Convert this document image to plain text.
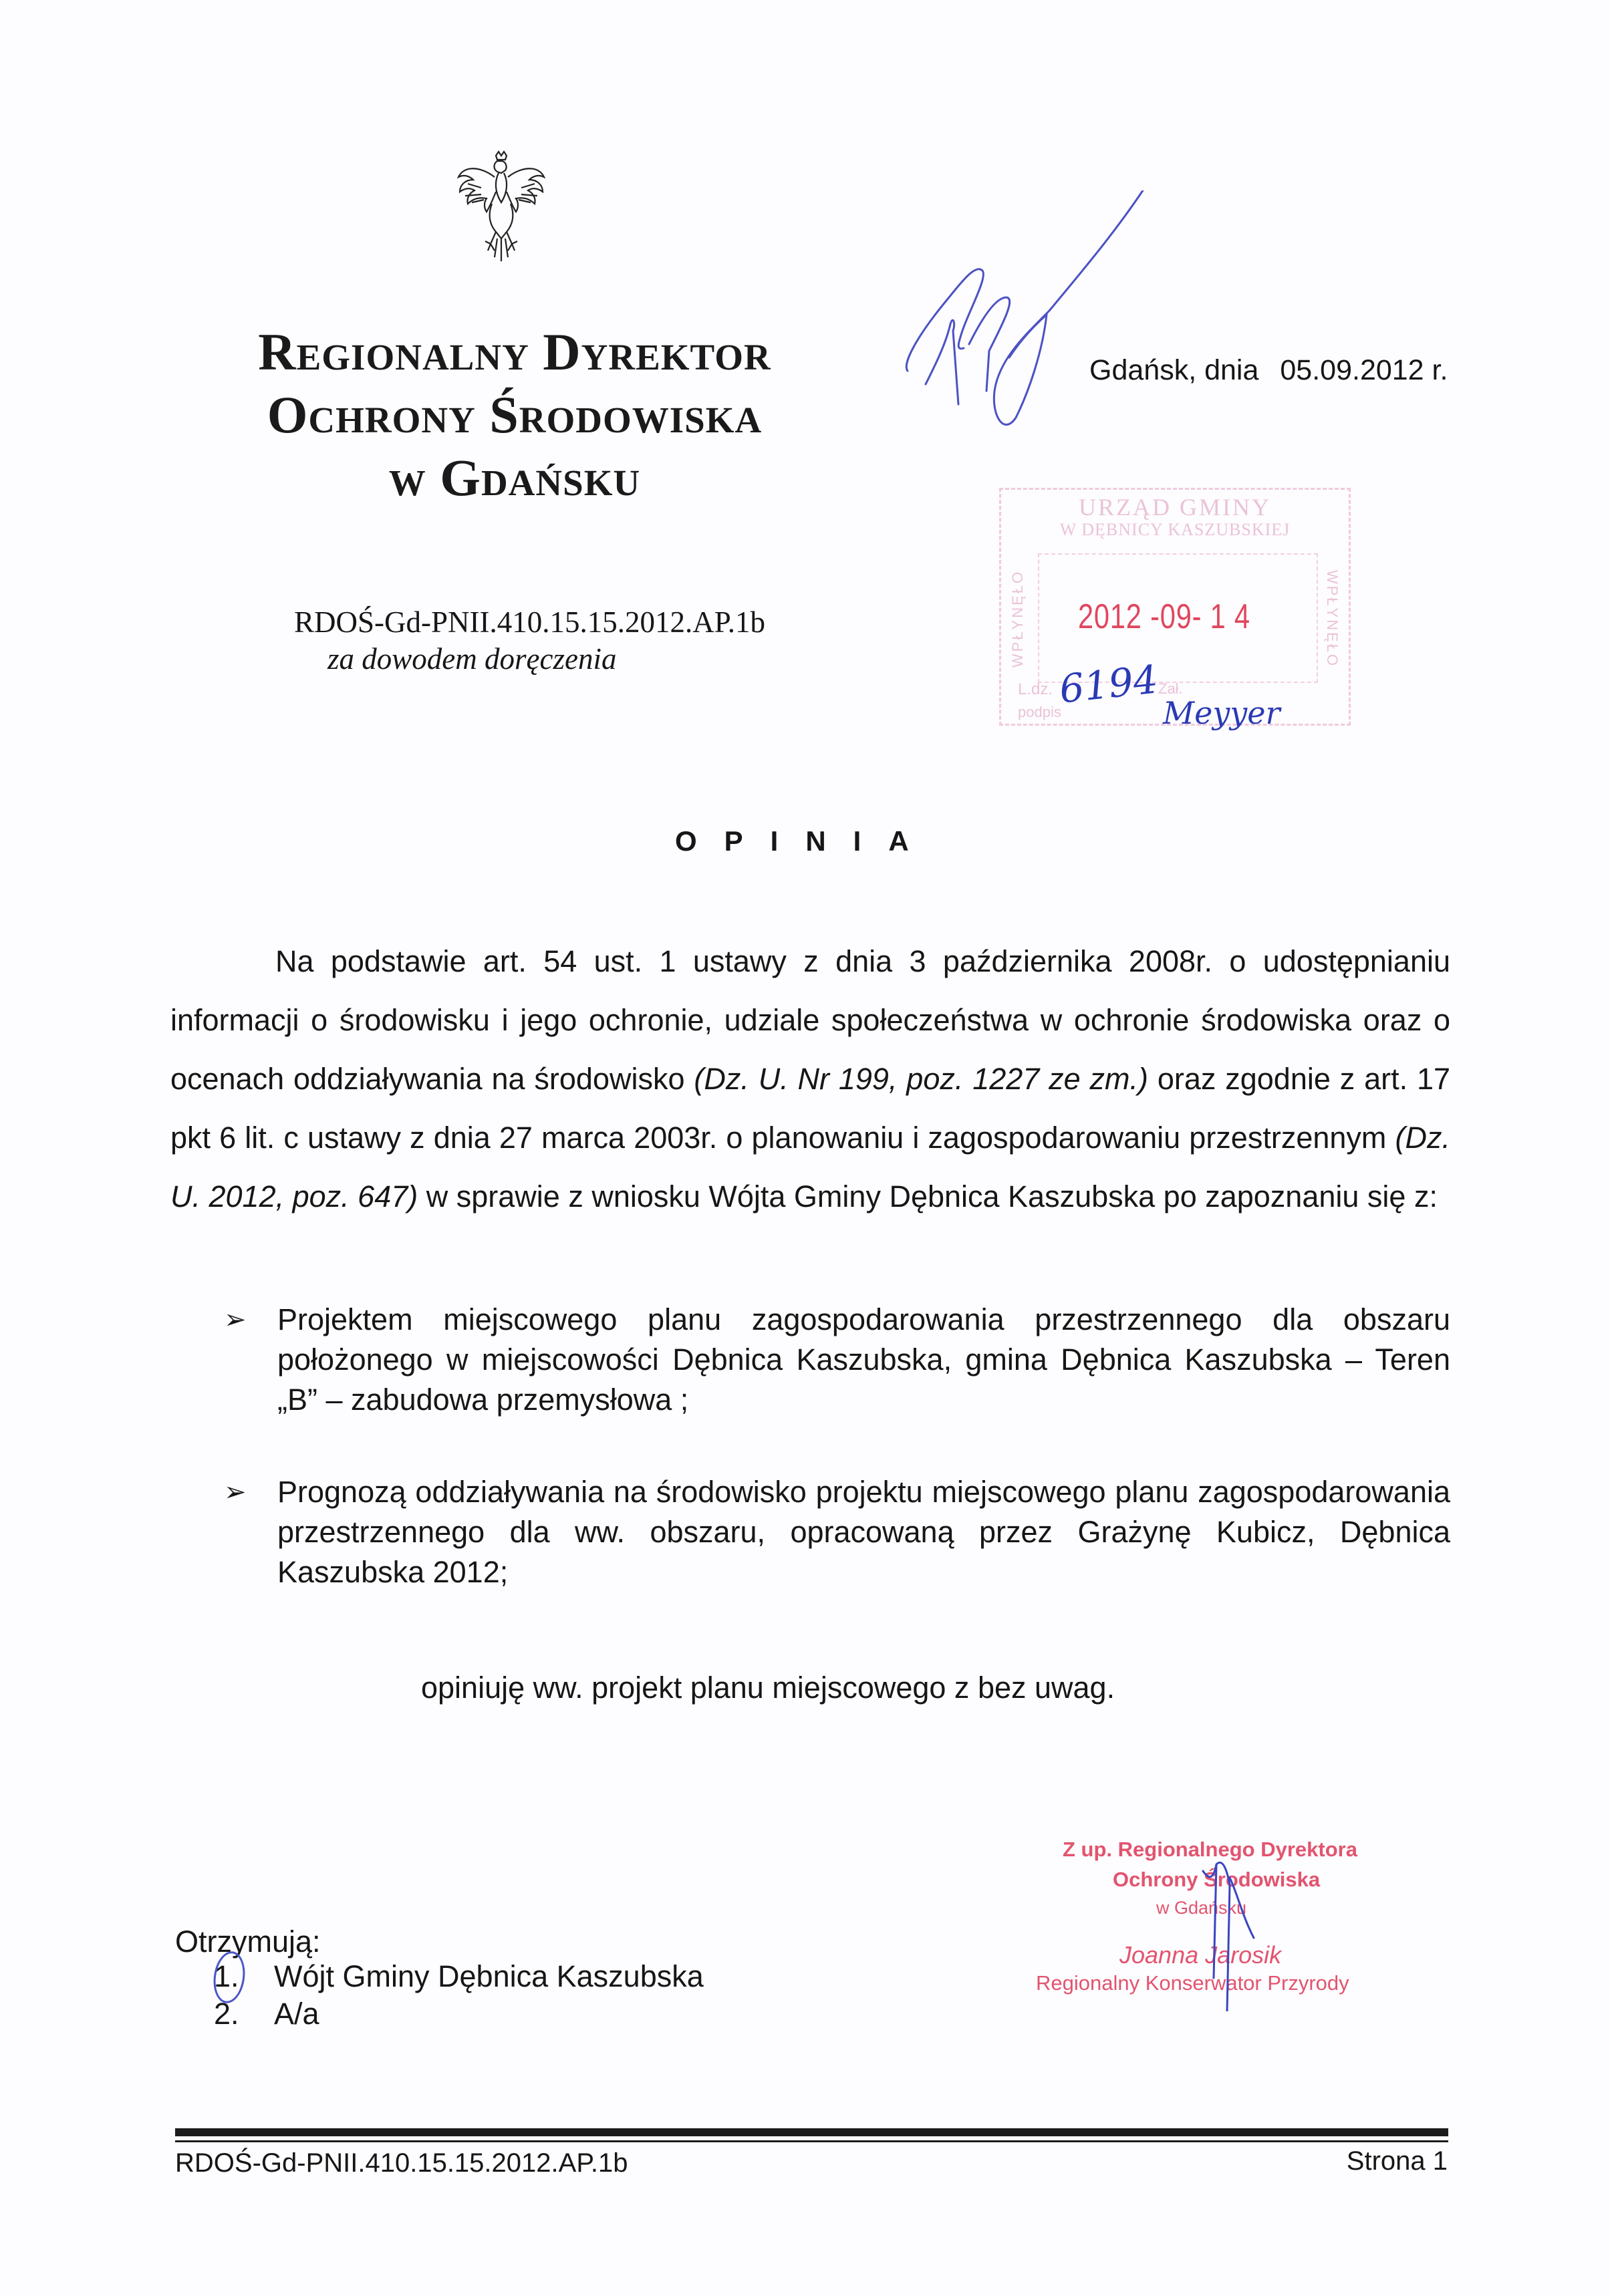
Regionalny Dyrektor
Ochrony Środowiska
w Gdańsku
Gdańsk, dnia 05.09.2012 r.
RDOŚ-Gd-PNII.410.15.15.2012.AP.1b
za dowodem doręczenia
URZĄD GMINY
W DĘBNICY KASZUBSKIEJ
WPŁYNĘŁO	WPŁYNĘŁO
2012 -09- 1 4
L.dz.	Zał.
podpis
6194
Meyyer
OPINIA
Na podstawie art. 54 ust. 1 ustawy z dnia 3 października 2008r. o udostępnianiu informacji o środowisku i jego ochronie, udziale społeczeństwa w ochronie środowiska oraz o ocenach oddziaływania na środowisko (Dz. U. Nr 199, poz. 1227 ze zm.) oraz zgodnie z art. 17 pkt 6 lit. c ustawy z dnia 27 marca 2003r. o planowaniu i zagospodarowaniu przestrzennym (Dz. U. 2012, poz. 647) w sprawie z wniosku Wójta Gminy Dębnica Kaszubska po zapoznaniu się z:
➢ Projektem miejscowego planu zagospodarowania przestrzennego dla obszaru położonego w miejscowości Dębnica Kaszubska, gmina Dębnica Kaszubska – Teren „B” – zabudowa przemysłowa ;
➢ Prognozą oddziaływania na środowisko projektu miejscowego planu zagospodarowania przestrzennego dla ww. obszaru, opracowaną przez Grażynę Kubicz, Dębnica Kaszubska 2012;
opiniuję ww. projekt planu miejscowego z bez uwag.
Z up. Regionalnego Dyrektora
Ochrony Środowiska
w Gdańsku
Joanna Jarosik
Regionalny Konserwator Przyrody
Otrzymują:
1. Wójt Gminy Dębnica Kaszubska
2. A/a
RDOŚ-Gd-PNII.410.15.15.2012.AP.1b	Strona 1
